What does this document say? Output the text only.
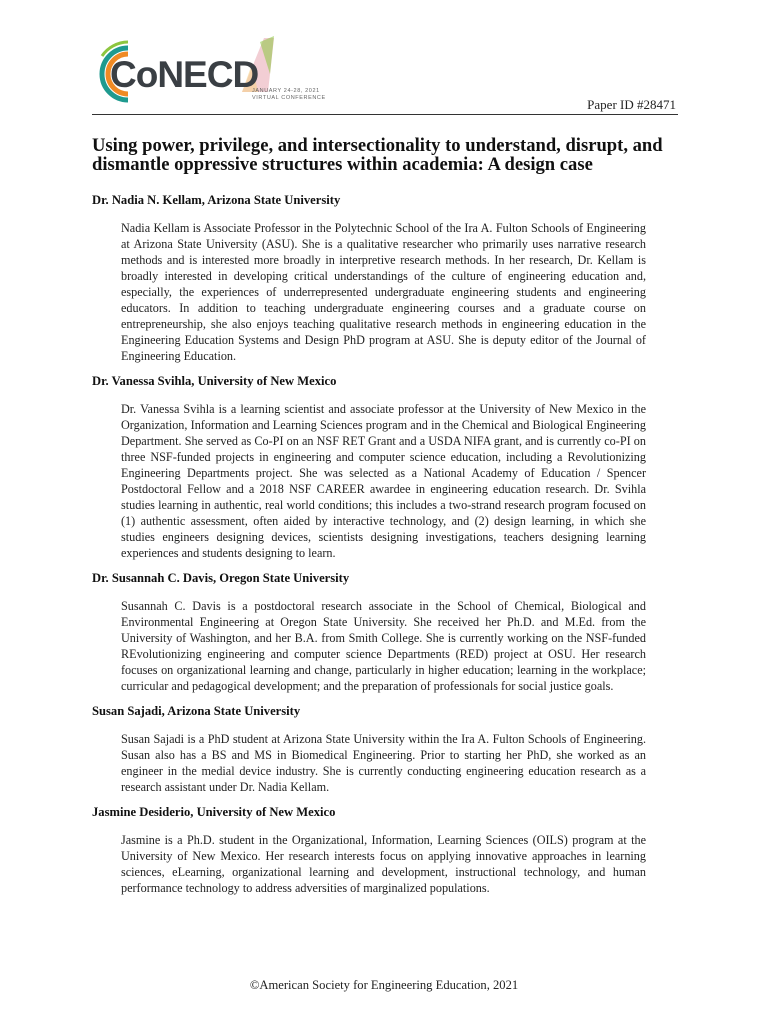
CoNECD
JANUARY 24-28, 2021
VIRTUAL CONFERENCE	Paper ID #28471
Using power, privilege, and intersectionality to understand, disrupt, and dismantle oppressive structures within academia: A design case
Dr. Nadia N. Kellam, Arizona State University

Nadia Kellam is Associate Professor in the Polytechnic School of the Ira A. Fulton Schools of Engineering at Arizona State University (ASU). She is a qualitative researcher who primarily uses narrative research methods and is interested more broadly in interpretive research methods. In her research, Dr. Kellam is broadly interested in developing critical understandings of the culture of engineering education and, especially, the experiences of underrepresented undergraduate engineering students and engineering educators. In addition to teaching undergraduate engineering courses and a graduate course on entrepreneurship, she also enjoys teaching qualitative research methods in engineering education in the Engineering Education Systems and Design PhD program at ASU. She is deputy editor of the Journal of Engineering Education.

Dr. Vanessa Svihla, University of New Mexico

Dr. Vanessa Svihla is a learning scientist and associate professor at the University of New Mexico in the Organization, Information and Learning Sciences program and in the Chemical and Biological Engineering Department. She served as Co-PI on an NSF RET Grant and a USDA NIFA grant, and is currently co-PI on three NSF-funded projects in engineering and computer science education, including a Revolutionizing Engineering Departments project. She was selected as a National Academy of Education / Spencer Postdoctoral Fellow and a 2018 NSF CAREER awardee in engineering education research. Dr. Svihla studies learning in authentic, real world conditions; this includes a two-strand research program focused on (1) authentic assessment, often aided by interactive technology, and (2) design learning, in which she studies engineers designing devices, scientists designing investigations, teachers designing learning experiences and students designing to learn.

Dr. Susannah C. Davis, Oregon State University

Susannah C. Davis is a postdoctoral research associate in the School of Chemical, Biological and Environmental Engineering at Oregon State University. She received her Ph.D. and M.Ed. from the University of Washington, and her B.A. from Smith College. She is currently working on the NSF-funded REvolutionizing engineering and computer science Departments (RED) project at OSU. Her research focuses on organizational learning and change, particularly in higher education; learning in the workplace; curricular and pedagogical development; and the preparation of professionals for social justice goals.

Susan Sajadi, Arizona State University

Susan Sajadi is a PhD student at Arizona State University within the Ira A. Fulton Schools of Engineering. Susan also has a BS and MS in Biomedical Engineering. Prior to starting her PhD, she worked as an engineer in the medial device industry. She is currently conducting engineering education research as a research assistant under Dr. Nadia Kellam.

Jasmine Desiderio, University of New Mexico

Jasmine is a Ph.D. student in the Organizational, Information, Learning Sciences (OILS) program at the University of New Mexico. Her research interests focus on applying innovative approaches in learning sciences, eLearning, organizational learning and development, instructional technology, and human performance technology to address adversities of marginalized populations.

©American Society for Engineering Education, 2021
